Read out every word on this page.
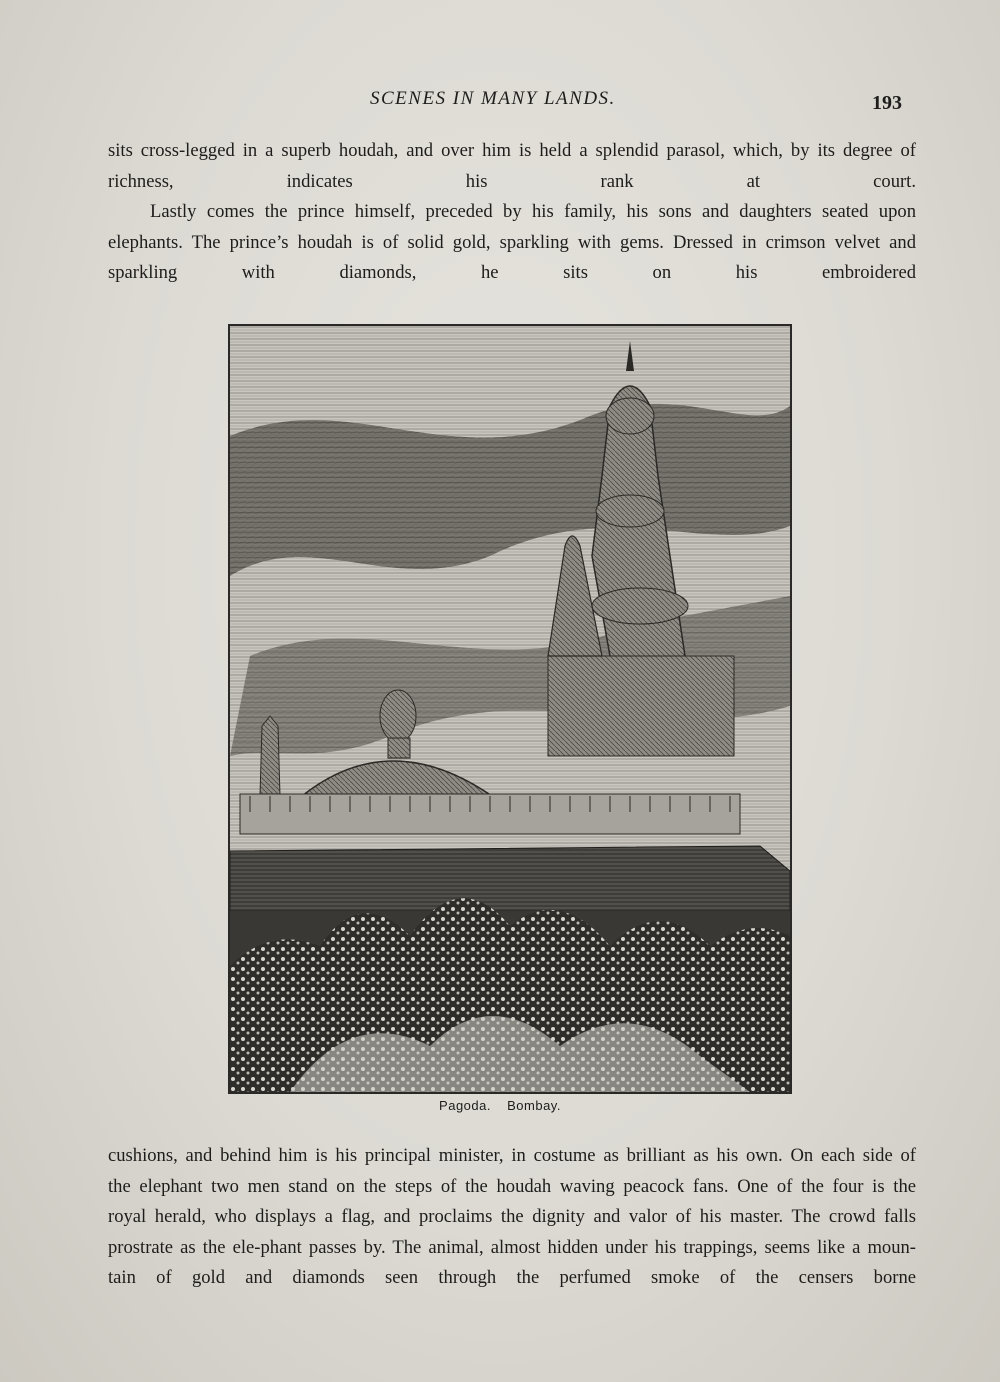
SCENES IN MANY LANDS.	193

sits cross-legged in a superb houdah, and over him is held a splendid parasol, which, by its degree of richness, indicates his rank at court.

Lastly comes the prince himself, preceded by his family, his sons and daughters seated upon elephants. The prince’s houdah is of solid gold, sparkling with gems. Dressed in crimson velvet and sparkling with diamonds, he sits on his embroidered

Pagoda. Bombay.

cushions, and behind him is his principal minister, in costume as brilliant as his own. On each side of the elephant two men stand on the steps of the houdah waving peacock fans. One of the four is the royal herald, who displays a flag, and proclaims the dignity and valor of his master. The crowd falls prostrate as the ele-phant passes by. The animal, almost hidden under his trappings, seems like a moun-tain of gold and diamonds seen through the perfumed smoke of the censers borne
